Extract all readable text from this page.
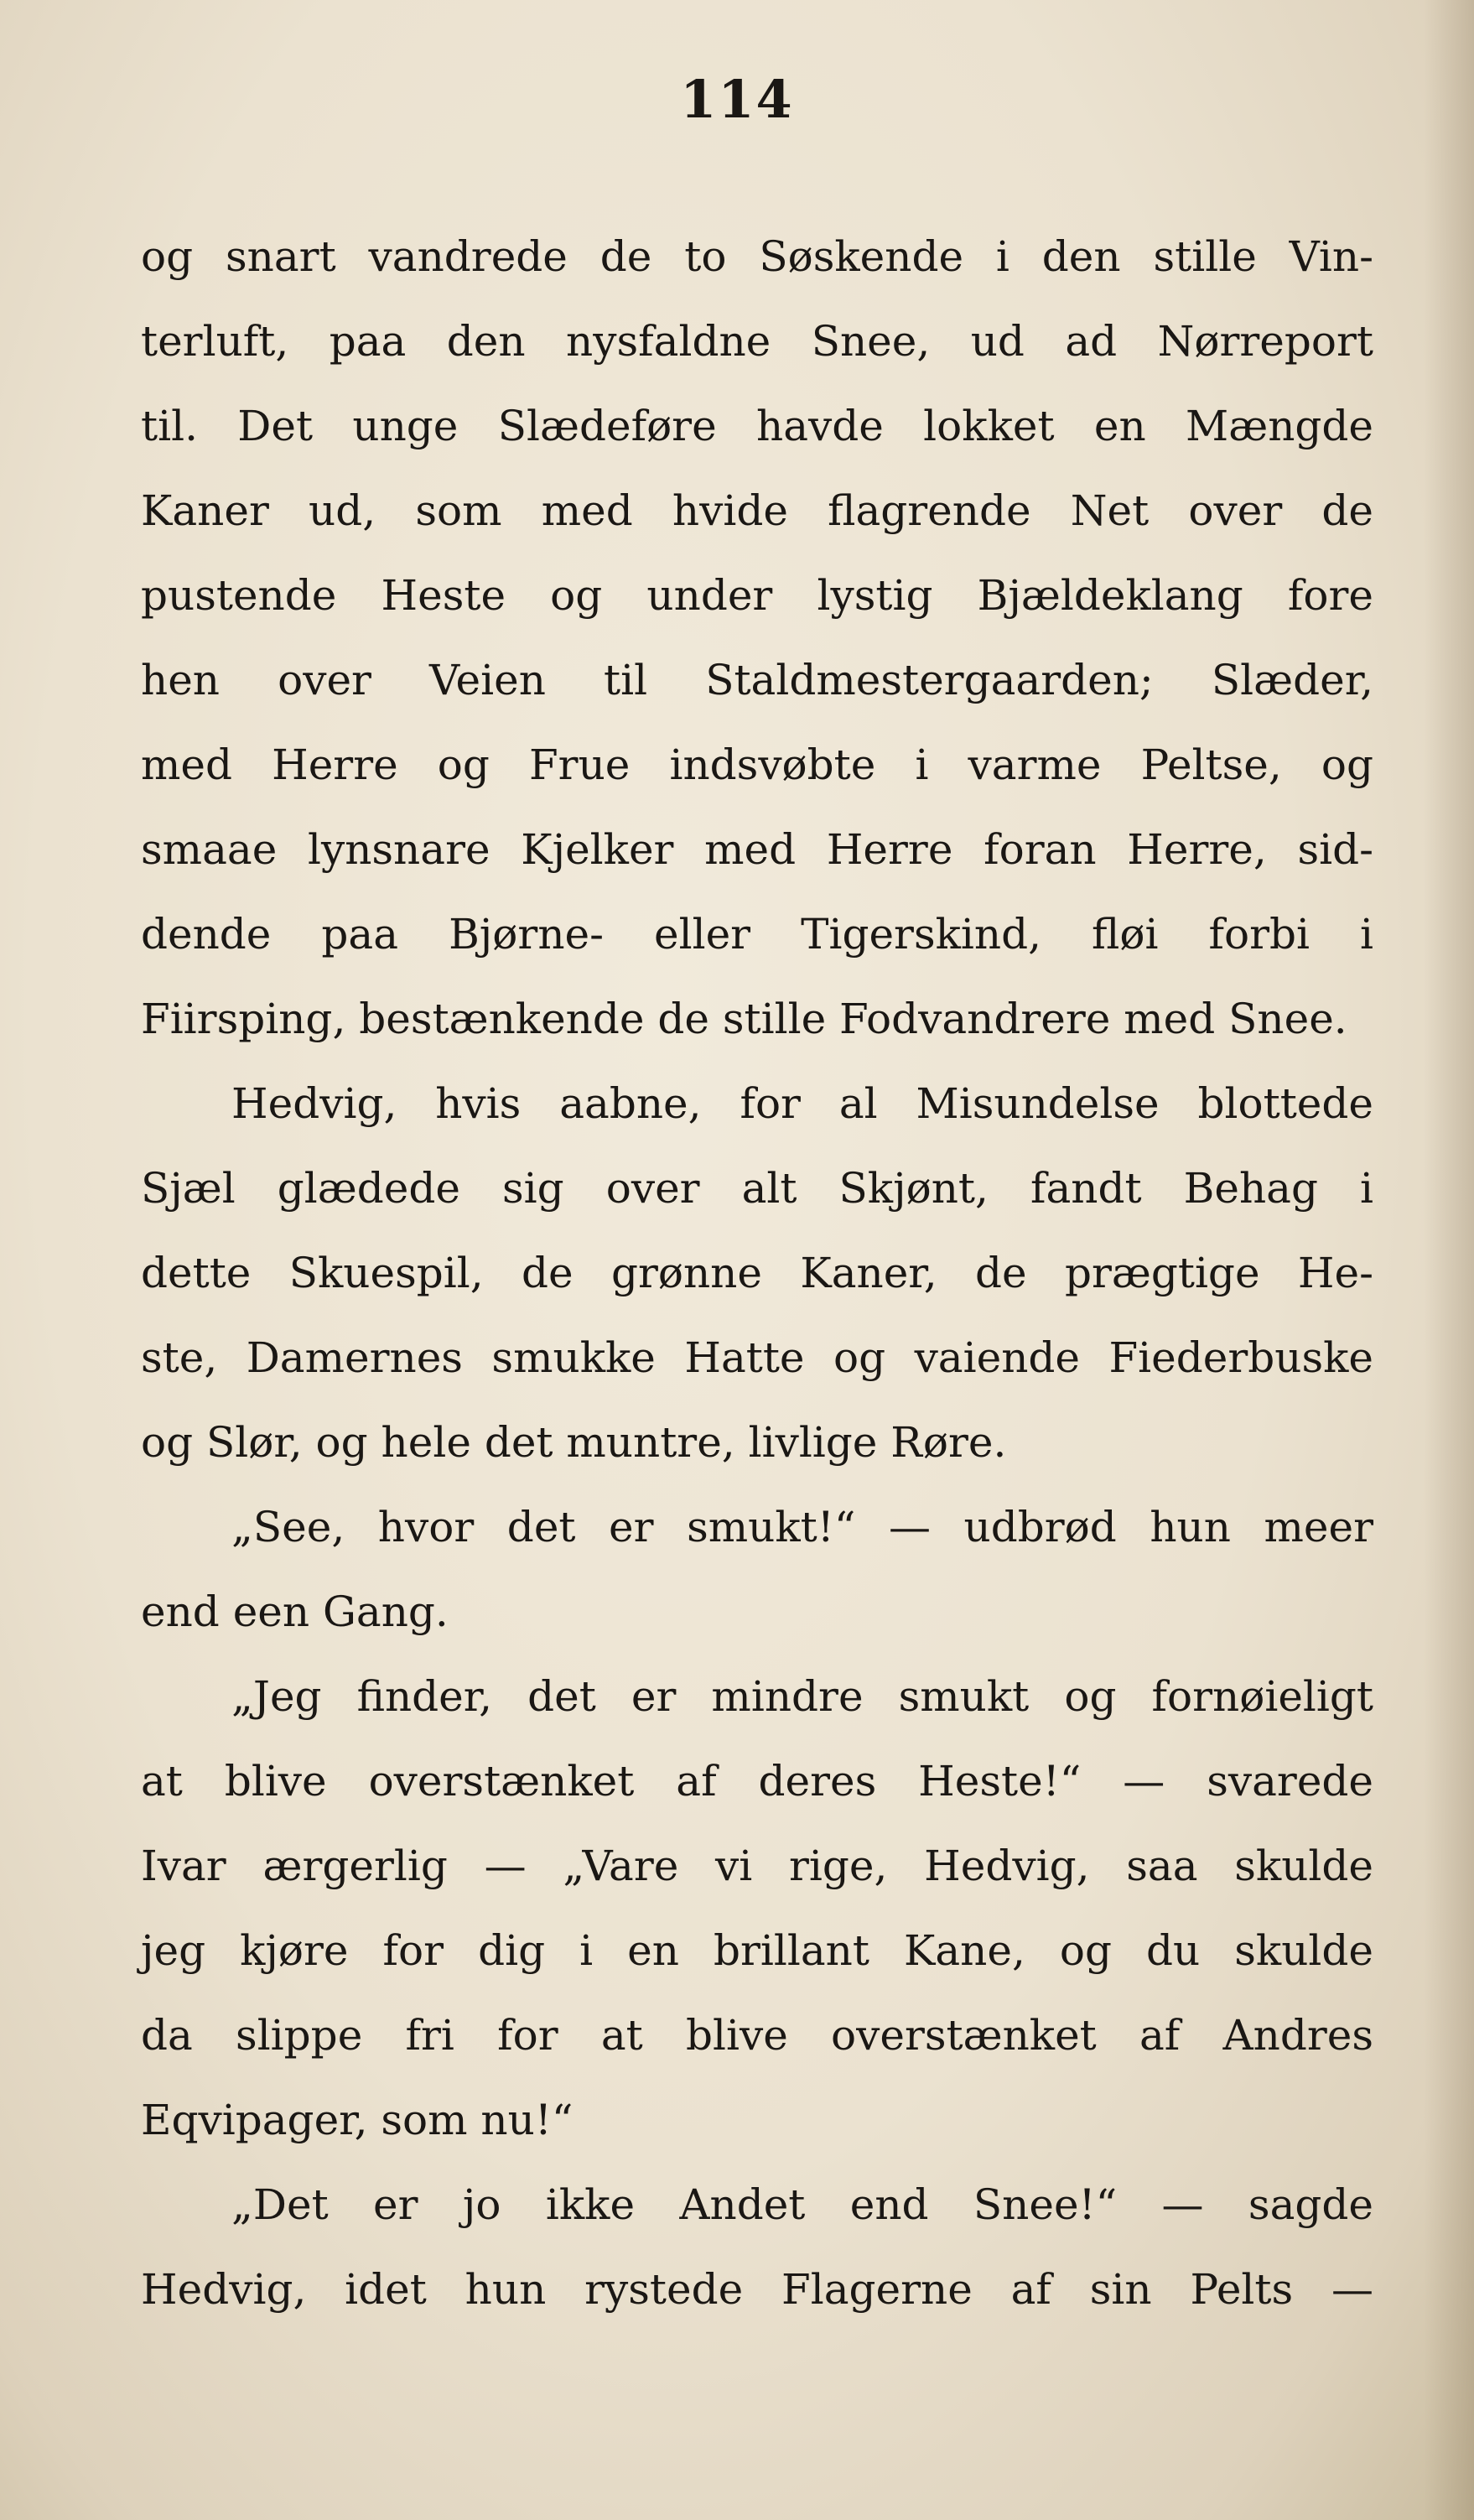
114
og snart vandrede de to Søskende i den stille Vin-
terluft, paa den nysfaldne Snee, ud ad Nørreport
til. Det unge Slædeføre havde lokket en Mængde
Kaner ud, som med hvide flagrende Net over de
pustende Heste og under lystig Bjældeklang fore
hen over Veien til Staldmestergaarden; Slæder,
med Herre og Frue indsvøbte i varme Peltse, og
smaae lynsnare Kjelker med Herre foran Herre, sid-
dende paa Bjørne- eller Tigerskind, fløi forbi i
Fiirsping, bestænkende de stille Fodvandrere med Snee.
Hedvig, hvis aabne, for al Misundelse blottede
Sjæl glædede sig over alt Skjønt, fandt Behag i
dette Skuespil, de grønne Kaner, de prægtige He-
ste, Damernes smukke Hatte og vaiende Fiederbuske
og Slør, og hele det muntre, livlige Røre.
„See, hvor det er smukt!“ — udbrød hun meer
end een Gang.
„Jeg finder, det er mindre smukt og fornøieligt
at blive overstænket af deres Heste!“ — svarede
Ivar ærgerlig — „Vare vi rige, Hedvig, saa skulde
jeg kjøre for dig i en brillant Kane, og du skulde
da slippe fri for at blive overstænket af Andres
Eqvipager, som nu!“
„Det er jo ikke Andet end Snee!“ — sagde
Hedvig, idet hun rystede Flagerne af sin Pelts —
